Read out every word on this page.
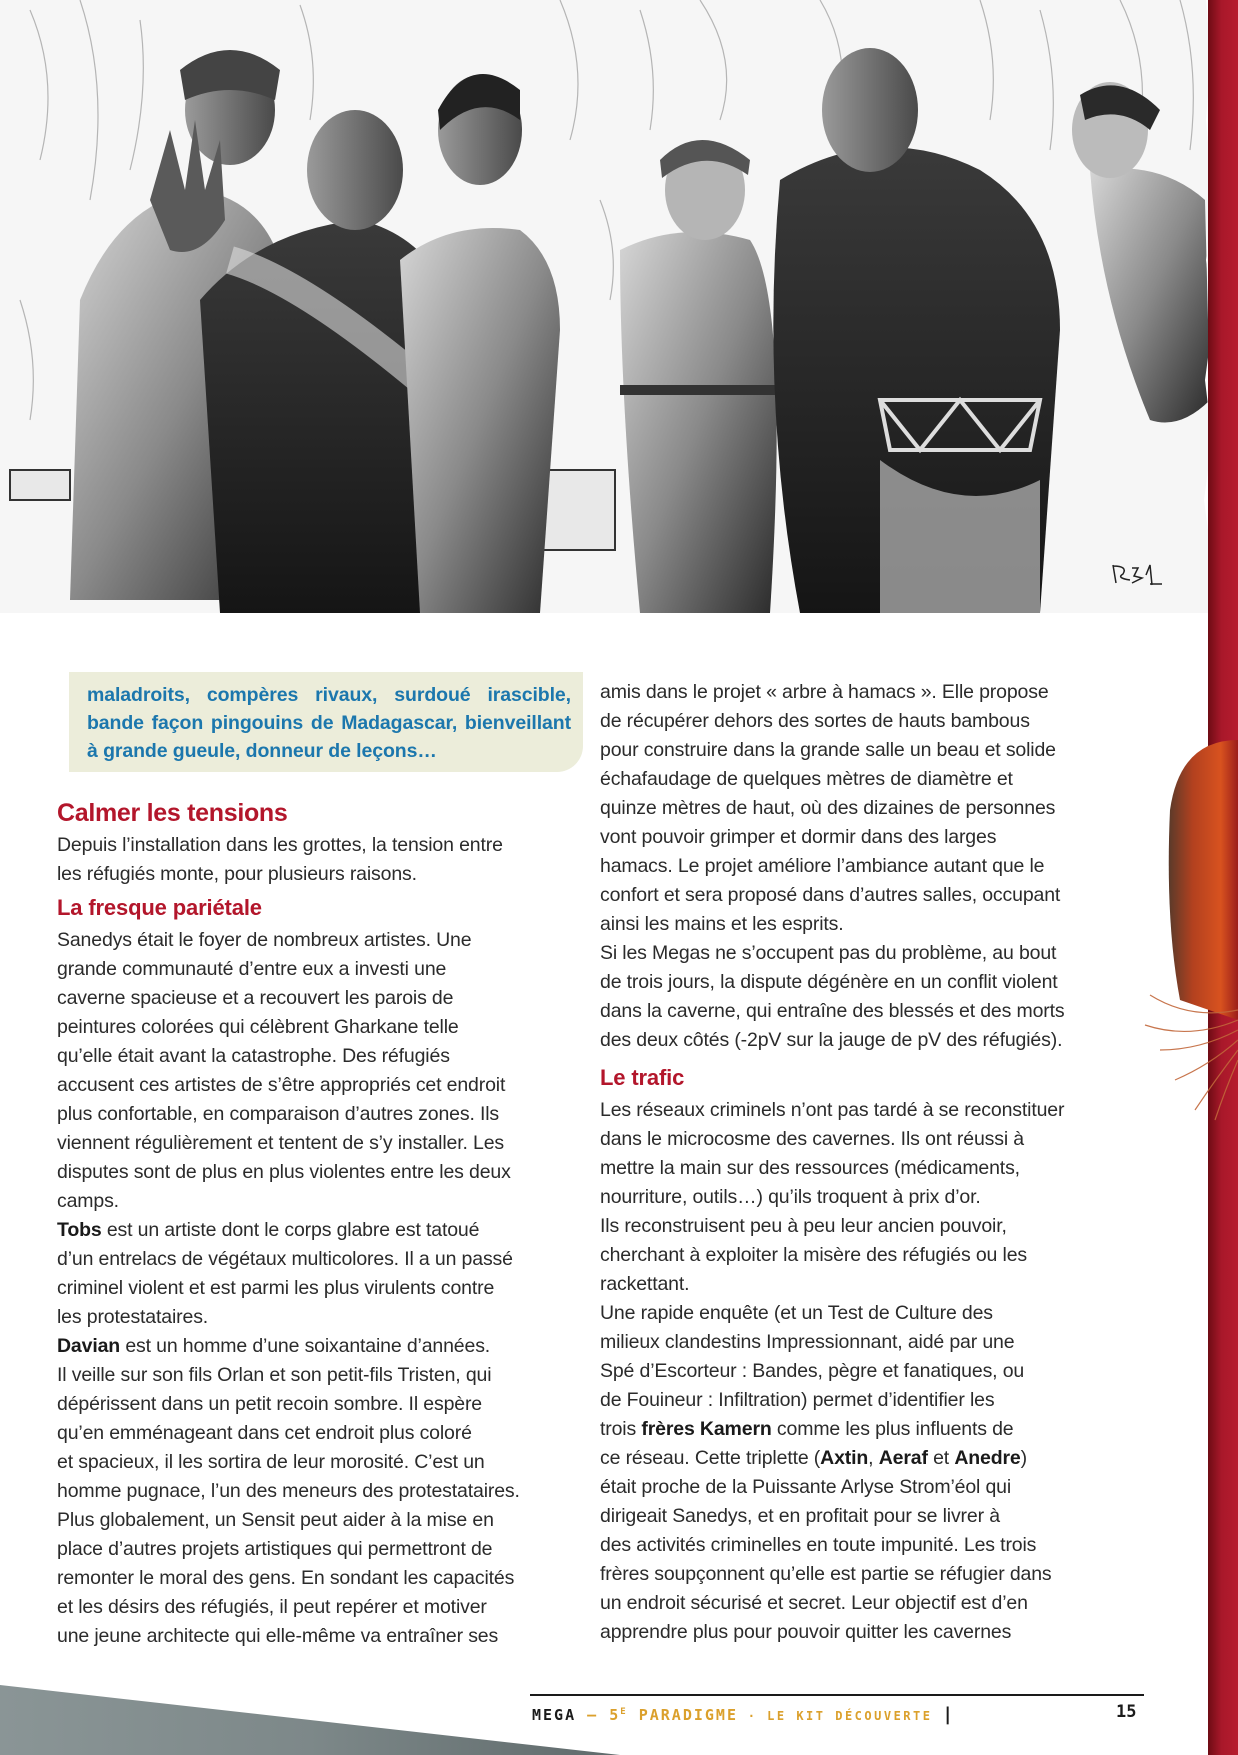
maladroits, compères rivaux, surdoué irascible, bande façon pingouins de Madagascar, bienveillant à grande gueule, donneur de leçons…

Calmer les tensions

Depuis l’installation dans les grottes, la tension entre
les réfugiés monte, pour plusieurs raisons.

La fresque pariétale

Sanedys était le foyer de nombreux artistes. Une
grande communauté d’entre eux a investi une
caverne spacieuse et a recouvert les parois de
peintures colorées qui célèbrent Gharkane telle
qu’elle était avant la catastrophe. Des réfugiés
accusent ces artistes de s’être appropriés cet endroit
plus confortable, en comparaison d’autres zones. Ils
viennent régulièrement et tentent de s’y installer. Les
disputes sont de plus en plus violentes entre les deux
camps.

Tobs est un artiste dont le corps glabre est tatoué
d’un entrelacs de végétaux multicolores. Il a un passé
criminel violent et est parmi les plus virulents contre
les protestataires.

Davian est un homme d’une soixantaine d’années.
Il veille sur son fils Orlan et son petit-fils Tristen, qui
dépérissent dans un petit recoin sombre. Il espère
qu’en emménageant dans cet endroit plus coloré
et spacieux, il les sortira de leur morosité. C’est un
homme pugnace, l’un des meneurs des protestataires.

Plus globalement, un Sensit peut aider à la mise en
place d’autres projets artistiques qui permettront de
remonter le moral des gens. En sondant les capacités
et les désirs des réfugiés, il peut repérer et motiver
une jeune architecte qui elle-même va entraîner ses

amis dans le projet « arbre à hamacs ». Elle propose
de récupérer dehors des sortes de hauts bambous
pour construire dans la grande salle un beau et solide
échafaudage de quelques mètres de diamètre et
quinze mètres de haut, où des dizaines de personnes
vont pouvoir grimper et dormir dans des larges
hamacs. Le projet améliore l’ambiance autant que le
confort et sera proposé dans d’autres salles, occupant
ainsi les mains et les esprits.

Si les Megas ne s’occupent pas du problème, au bout
de trois jours, la dispute dégénère en un conflit violent
dans la caverne, qui entraîne des blessés et des morts
des deux côtés (-2pV sur la jauge de pV des réfugiés).

Le trafic

Les réseaux criminels n’ont pas tardé à se reconstituer
dans le microcosme des cavernes. Ils ont réussi à
mettre la main sur des ressources (médicaments,
nourriture, outils…) qu’ils troquent à prix d’or.
Ils reconstruisent peu à peu leur ancien pouvoir,
cherchant à exploiter la misère des réfugiés ou les
rackettant.
Une rapide enquête (et un Test de Culture des
milieux clandestins Impressionnant, aidé par une
Spé d’Escorteur : Bandes, pègre et fanatiques, ou
de Fouineur : Infiltration) permet d’identifier les
trois frères Kamern comme les plus influents de
ce réseau. Cette triplette (Axtin, Aeraf et Anedre)
était proche de la Puissante Arlyse Strom’éol qui
dirigeait Sanedys, et en profitait pour se livrer à
des activités criminelles en toute impunité. Les trois
frères soupçonnent qu’elle est partie se réfugier dans
un endroit sécurisé et secret. Leur objectif est d’en
apprendre plus pour pouvoir quitter les cavernes

MEGA – $5^E$ PARADIGME · LE KIT DÉCOUVERTE |	15
